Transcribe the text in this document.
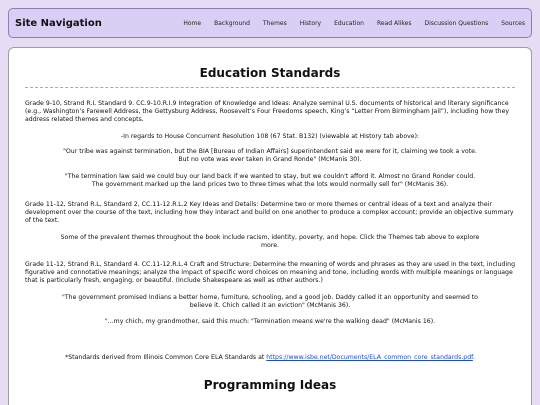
Site Navigation	Home Background Themes History Education Read Alikes Discussion Questions Sources
Education Standards

Grade 9-10, Strand R.I, Standard 9. CC.9-10.R.I.9 Integration of Knowledge and Ideas: Analyze seminal U.S. documents of historical and literary significance (e.g., Washington’s Farewell Address, the Gettysburg Address, Roosevelt’s Four Freedoms speech, King’s “Letter From Birmingham Jail”), including how they address related themes and concepts.

-In regards to House Concurrent Resolution 108 (67 Stat. B132) (viewable at History tab above):

"Our tribe was against termination, but the BIA [Bureau of Indian Affairs] superintendent said we were for it, claiming we took a vote. But no vote was ever taken in Grand Ronde" (McManis 30).

"The termination law said we could buy our land back if we wanted to stay, but we couldn't afford it. Almost no Grand Ronder could. The government marked up the land prices two to three times what the lots would normally sell for" (McManis 36).

Grade 11-12, Strand R.L, Standard 2, CC.11-12.R.L.2 Key Ideas and Details: Determine two or more themes or central ideas of a text and analyze their development over the course of the text, including how they interact and build on one another to produce a complex account; provide an objective summary of the text.

Some of the prevalent themes throughout the book include racism, identity, poverty, and hope. Click the Themes tab above to explore more.

Grade 11-12, Strand R.L, Standard 4. CC.11-12.R.L.4 Craft and Structure: Determine the meaning of words and phrases as they are used in the text, including figurative and connotative meanings; analyze the impact of specific word choices on meaning and tone, including words with multiple meanings or language that is particularly fresh, engaging, or beautiful. (Include Shakespeare as well as other authors.)

"The government promised Indians a better home, furniture, schooling, and a good job. Daddy called it an opportunity and seemed to believe it. Chich called it an eviction" (McManis 36).

"...my chich, my grandmother, said this much: "Termination means we're the walking dead" (McManis 16).

*Standards derived from Illinois Common Core ELA Standards at https://www.isbe.net/Documents/ELA_common_core_standards.pdf.

Programming Ideas
